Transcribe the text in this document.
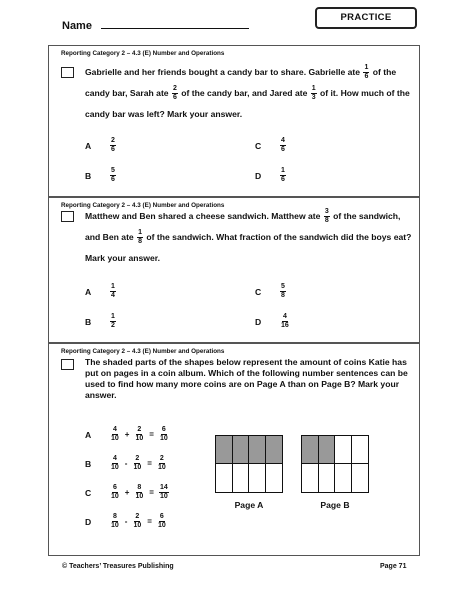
Name
PRACTICE
Reporting Category 2 – 4.3 (E) Number and Operations
Gabrielle and her friends bought a candy bar to share. Gabrielle ate $\frac{1}{6}$ of the candy bar, Sarah ate $\frac{2}{6}$ of the candy bar, and Jared ate $\frac{1}{3}$ of it. How much of the candy bar was left? Mark your answer.
A	$\frac{2}{6}$	C	$\frac{4}{6}$
B	$\frac{5}{6}$	D	$\frac{1}{6}$
Reporting Category 2 – 4.3 (E) Number and Operations
Matthew and Ben shared a cheese sandwich. Matthew ate $\frac{3}{8}$ of the sandwich, and Ben ate $\frac{1}{8}$ of the sandwich. What fraction of the sandwich did the boys eat? Mark your answer.
A	$\frac{1}{4}$	C	$\frac{5}{8}$
B	$\frac{1}{2}$	D	$\frac{4}{16}$
Reporting Category 2 – 4.3 (E) Number and Operations
The shaded parts of the shapes below represent the amount of coins Katie has put on pages in a coin album. Which of the following number sentences can be used to find how many more coins are on Page A than on Page B? Mark your answer.
A	$\frac{4}{10} + \frac{2}{10} = \frac{6}{10}$
B	$\frac{4}{10} - \frac{2}{10} = \frac{2}{10}$
C	$\frac{6}{10} + \frac{8}{10} = \frac{14}{10}$
D	$\frac{8}{10} - \frac{2}{10} = \frac{6}{10}$
Page A	Page B
© Teachers’ Treasures Publishing	Page 71
